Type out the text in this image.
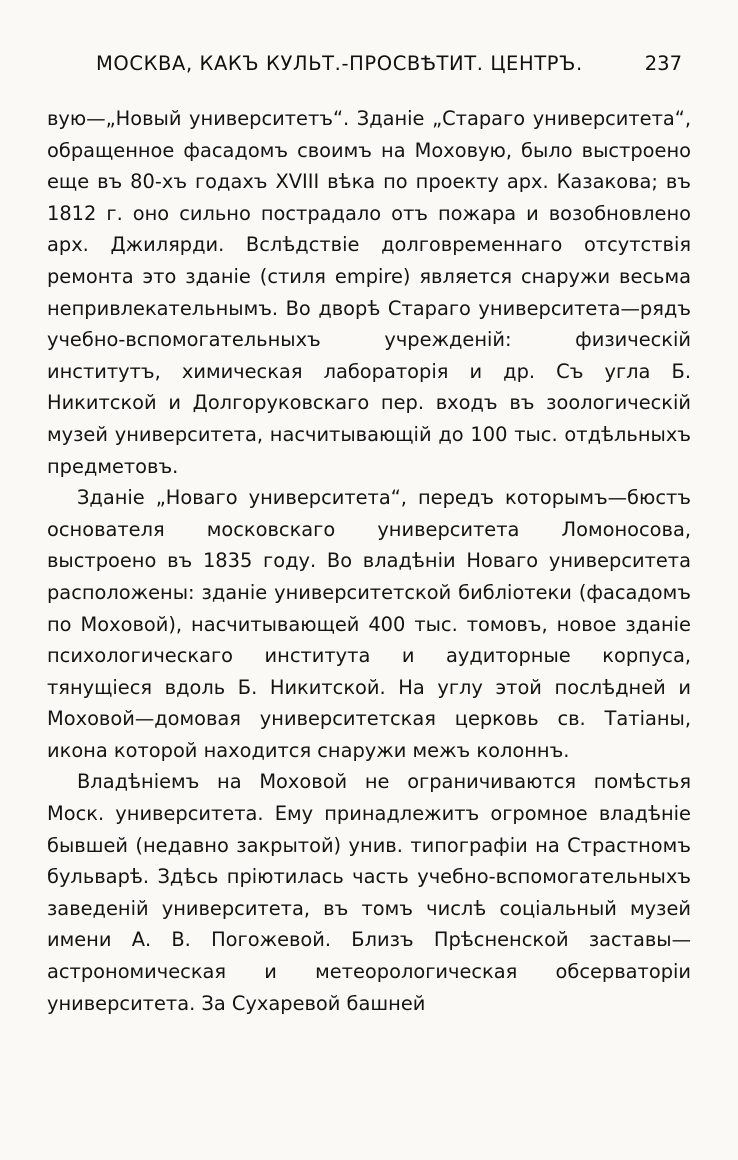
МОСКВА, КАКЪ КУЛЬТ.-ПРОСВѢТИТ. ЦЕНТРЪ.	237

вую—„Новый университетъ“. Зданіе „Стараго университета“, обращенное фасадомъ своимъ на Моховую, было выстроено еще въ 80-хъ годахъ XVIII вѣка по проекту арх. Казакова; въ 1812 г. оно сильно пострадало отъ пожара и возобновлено арх. Джилярди. Вслѣдствіе долговременнаго отсутствія ремонта это зданіе (стиля empire) является снаружи весьма непривлекательнымъ. Во дворѣ Стараго университета—рядъ учебно-вспомогательныхъ учрежденій: физическій институтъ, химическая лабораторія и др. Съ угла Б. Никитской и Долгоруковскаго пер. входъ въ зоологическій музей университета, насчитывающій до 100 тыс. отдѣльныхъ предметовъ.

Зданіе „Новаго университета“, передъ которымъ—бюстъ основателя московскаго университета Ломоносова, выстроено въ 1835 году. Во владѣніи Новаго университета расположены: зданіе университетской библіотеки (фасадомъ по Моховой), насчитывающей 400 тыс. томовъ, новое зданіе психологическаго института и аудиторные корпуса, тянущіеся вдоль Б. Никитской. На углу этой послѣдней и Моховой—домовая университетская церковь св. Татіаны, икона которой находится снаружи межъ колоннъ.

Владѣніемъ на Моховой не ограничиваются помѣстья Моск. университета. Ему принадлежитъ огромное владѣніе бывшей (недавно закрытой) унив. типографіи на Страстномъ бульварѣ. Здѣсь пріютилась часть учебно-вспомогательныхъ заведеній университета, въ томъ числѣ соціальный музей имени А. В. Погожевой. Близъ Прѣсненской заставы—астрономическая и метеорологическая обсерваторіи университета. За Сухаревой башней
